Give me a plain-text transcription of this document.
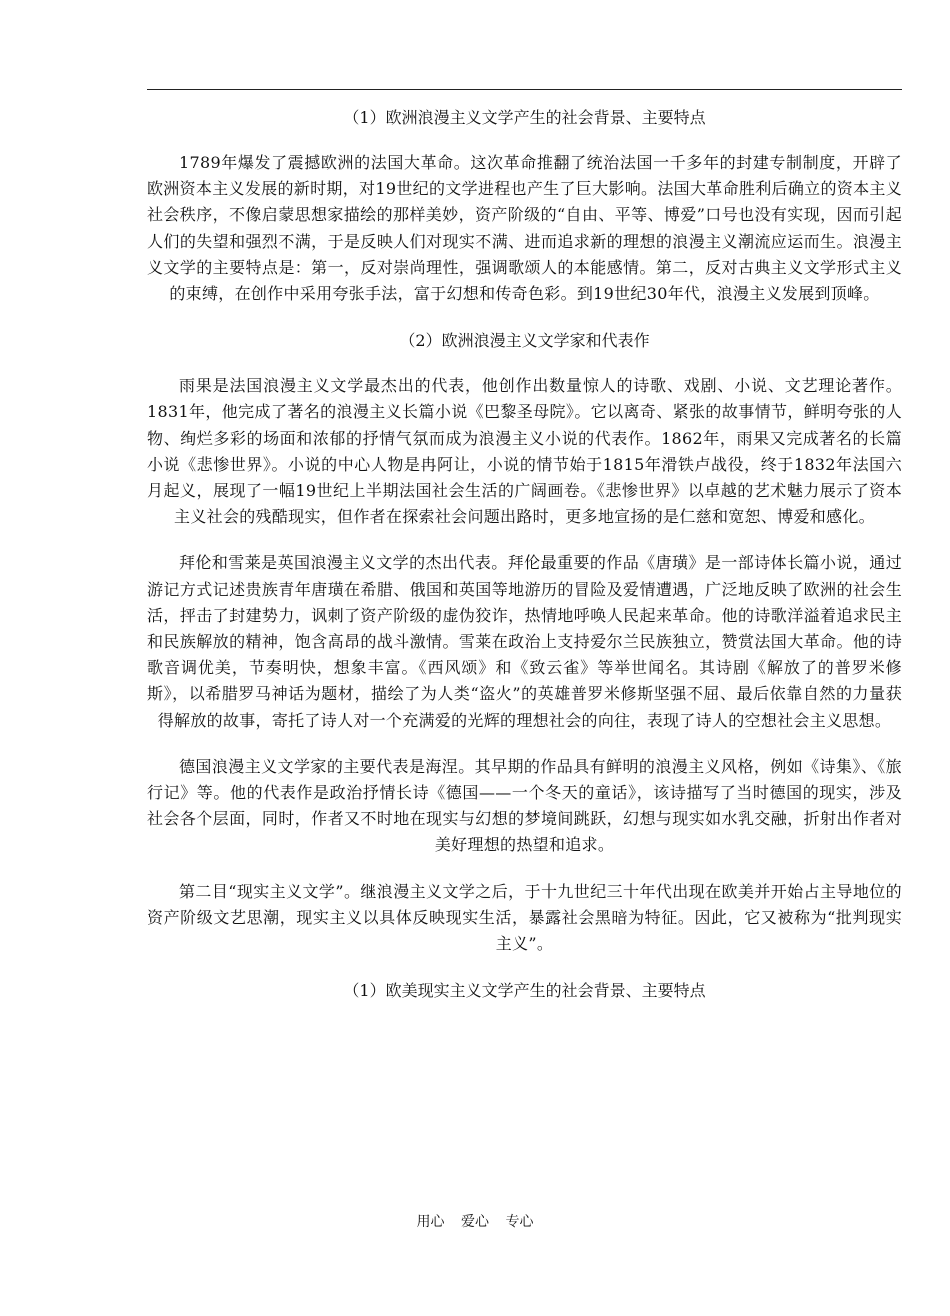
（1）欧洲浪漫主义文学产生的社会背景、主要特点

1789年爆发了震撼欧洲的法国大革命。这次革命推翻了统治法国一千多年的封建专制制度，开辟了欧洲资本主义发展的新时期，对19世纪的文学进程也产生了巨大影响。法国大革命胜利后确立的资本主义社会秩序，不像启蒙思想家描绘的那样美妙，资产阶级的“自由、平等、博爱”口号也没有实现，因而引起人们的失望和强烈不满，于是反映人们对现实不满、进而追求新的理想的浪漫主义潮流应运而生。浪漫主义文学的主要特点是：第一，反对崇尚理性，强调歌颂人的本能感情。第二，反对古典主义文学形式主义的束缚，在创作中采用夸张手法，富于幻想和传奇色彩。到19世纪30年代，浪漫主义发展到顶峰。

（2）欧洲浪漫主义文学家和代表作

雨果是法国浪漫主义文学最杰出的代表，他创作出数量惊人的诗歌、戏剧、小说、文艺理论著作。1831年，他完成了著名的浪漫主义长篇小说《巴黎圣母院》。它以离奇、紧张的故事情节，鲜明夸张的人物、绚烂多彩的场面和浓郁的抒情气氛而成为浪漫主义小说的代表作。1862年，雨果又完成著名的长篇小说《悲惨世界》。小说的中心人物是冉阿让，小说的情节始于1815年滑铁卢战役，终于1832年法国六月起义，展现了一幅19世纪上半期法国社会生活的广阔画卷。《悲惨世界》以卓越的艺术魅力展示了资本主义社会的残酷现实，但作者在探索社会问题出路时，更多地宣扬的是仁慈和宽恕、博爱和感化。

拜伦和雪莱是英国浪漫主义文学的杰出代表。拜伦最重要的作品《唐璜》是一部诗体长篇小说，通过游记方式记述贵族青年唐璜在希腊、俄国和英国等地游历的冒险及爱情遭遇，广泛地反映了欧洲的社会生活，抨击了封建势力，讽刺了资产阶级的虚伪狡诈，热情地呼唤人民起来革命。他的诗歌洋溢着追求民主和民族解放的精神，饱含高昂的战斗激情。雪莱在政治上支持爱尔兰民族独立，赞赏法国大革命。他的诗歌音调优美，节奏明快，想象丰富。《西风颂》和《致云雀》等举世闻名。其诗剧《解放了的普罗米修斯》，以希腊罗马神话为题材，描绘了为人类“盗火”的英雄普罗米修斯坚强不屈、最后依靠自然的力量获得解放的故事，寄托了诗人对一个充满爱的光辉的理想社会的向往，表现了诗人的空想社会主义思想。

德国浪漫主义文学家的主要代表是海涅。其早期的作品具有鲜明的浪漫主义风格，例如《诗集》、《旅行记》等。他的代表作是政治抒情长诗《德国——一个冬天的童话》，该诗描写了当时德国的现实，涉及社会各个层面，同时，作者又不时地在现实与幻想的梦境间跳跃，幻想与现实如水乳交融，折射出作者对美好理想的热望和追求。

第二目“现实主义文学”。继浪漫主义文学之后，于十九世纪三十年代出现在欧美并开始占主导地位的资产阶级文艺思潮，现实主义以具体反映现实生活，暴露社会黑暗为特征。因此，它又被称为“批判现实主义”。

（1）欧美现实主义文学产生的社会背景、主要特点
用心 爱心 专心
